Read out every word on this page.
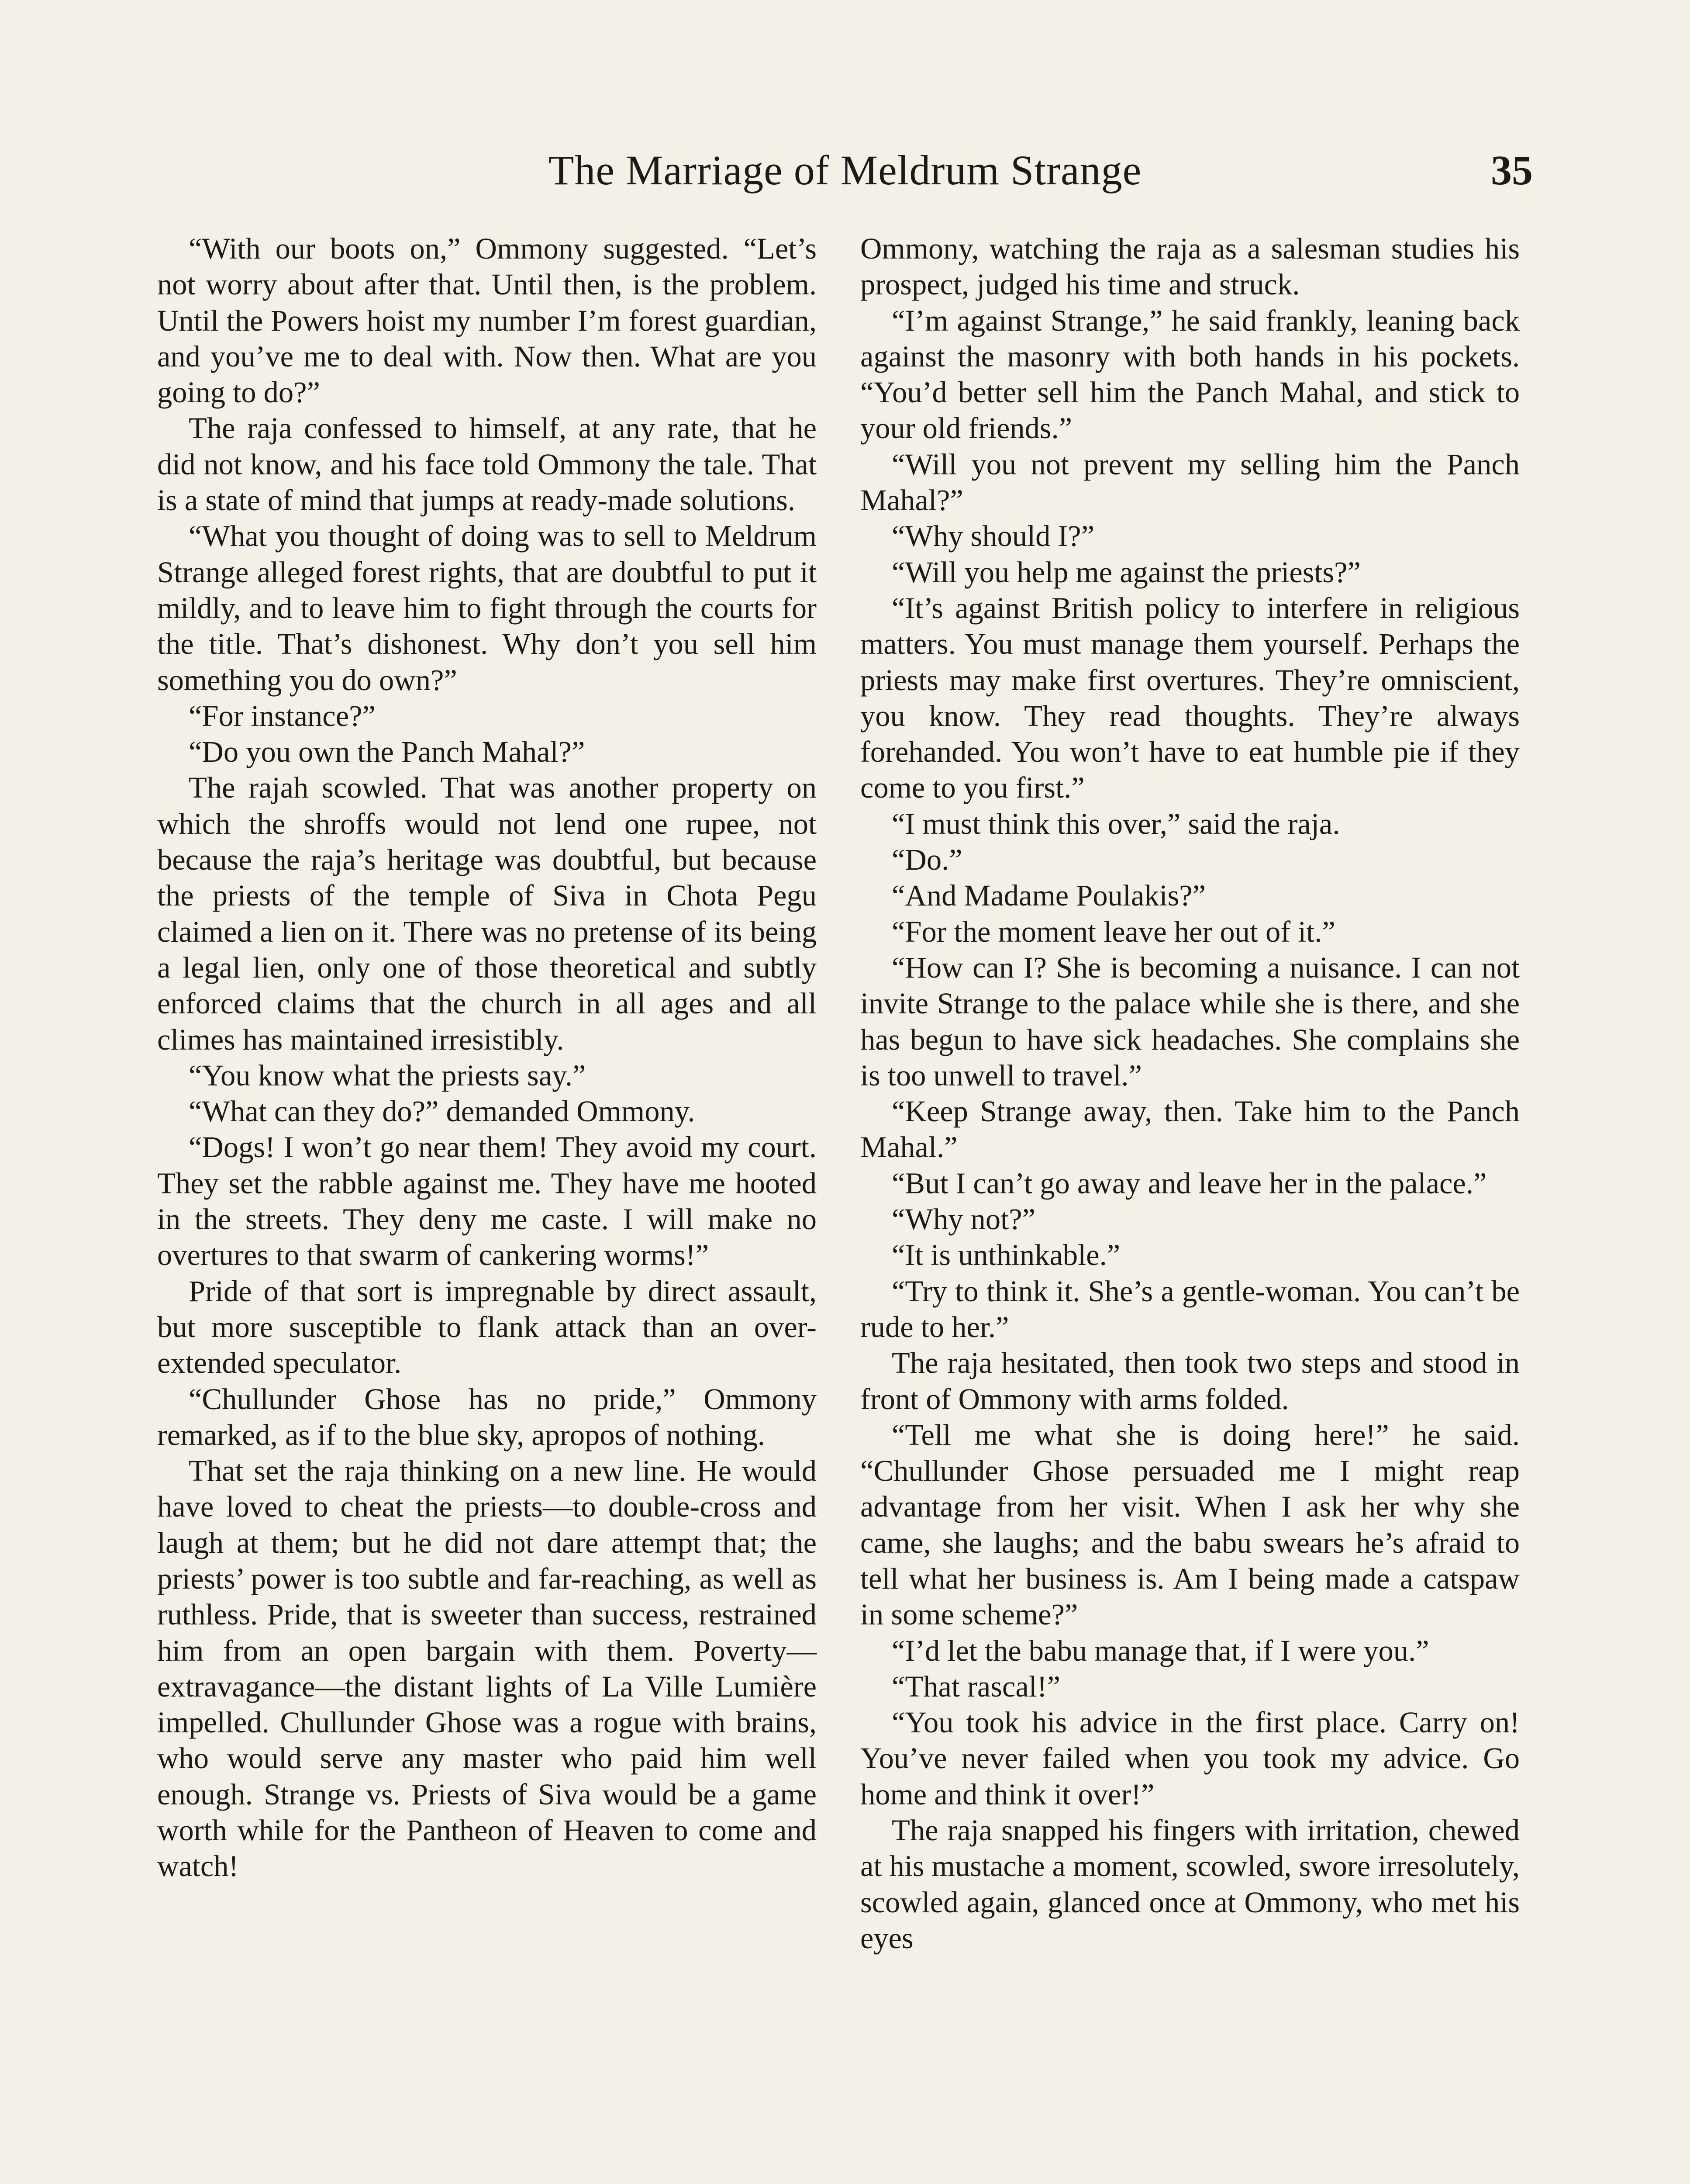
The Marriage of Meldrum Strange	35

“With our boots on,” Ommony suggested. “Let’s not worry about after that. Until then, is the problem. Until the Powers hoist my number I’m forest guardian, and you’ve me to deal with. Now then. What are you going to do?”

The raja confessed to himself, at any rate, that he did not know, and his face told Ommony the tale. That is a state of mind that jumps at ready-made solutions.

“What you thought of doing was to sell to Meldrum Strange alleged forest rights, that are doubtful to put it mildly, and to leave him to fight through the courts for the title. That’s dishonest. Why don’t you sell him something you do own?”

“For instance?”

“Do you own the Panch Mahal?”

The rajah scowled. That was another property on which the shroffs would not lend one rupee, not because the raja’s heritage was doubtful, but because the priests of the temple of Siva in Chota Pegu claimed a lien on it. There was no pretense of its being a legal lien, only one of those theoretical and subtly enforced claims that the church in all ages and all climes has maintained irresistibly.

“You know what the priests say.”

“What can they do?” demanded Ommony.

“Dogs! I won’t go near them! They avoid my court. They set the rabble against me. They have me hooted in the streets. They deny me caste. I will make no overtures to that swarm of cankering worms!”

Pride of that sort is impregnable by direct assault, but more susceptible to flank attack than an over-extended speculator.

“Chullunder Ghose has no pride,” Ommony remarked, as if to the blue sky, apropos of nothing.

That set the raja thinking on a new line. He would have loved to cheat the priests—to double-cross and laugh at them; but he did not dare attempt that; the priests’ power is too subtle and far-reaching, as well as ruthless. Pride, that is sweeter than success, restrained him from an open bargain with them. Poverty—extravagance—the distant lights of La Ville Lumière impelled. Chullunder Ghose was a rogue with brains, who would serve any master who paid him well enough. Strange vs. Priests of Siva would be a game worth while for the Pantheon of Heaven to come and watch!

Ommony, watching the raja as a salesman studies his prospect, judged his time and struck.

“I’m against Strange,” he said frankly, leaning back against the masonry with both hands in his pockets. “You’d better sell him the Panch Mahal, and stick to your old friends.”

“Will you not prevent my selling him the Panch Mahal?”

“Why should I?”

“Will you help me against the priests?”

“It’s against British policy to interfere in religious matters. You must manage them yourself. Perhaps the priests may make first overtures. They’re omniscient, you know. They read thoughts. They’re always forehanded. You won’t have to eat humble pie if they come to you first.”

“I must think this over,” said the raja.

“Do.”

“And Madame Poulakis?”

“For the moment leave her out of it.”

“How can I? She is becoming a nuisance. I can not invite Strange to the palace while she is there, and she has begun to have sick headaches. She complains she is too unwell to travel.”

“Keep Strange away, then. Take him to the Panch Mahal.”

“But I can’t go away and leave her in the palace.”

“Why not?”

“It is unthinkable.”

“Try to think it. She’s a gentle-woman. You can’t be rude to her.”

The raja hesitated, then took two steps and stood in front of Ommony with arms folded.

“Tell me what she is doing here!” he said. “Chullunder Ghose persuaded me I might reap advantage from her visit. When I ask her why she came, she laughs; and the babu swears he’s afraid to tell what her business is. Am I being made a catspaw in some scheme?”

“I’d let the babu manage that, if I were you.”

“That rascal!”

“You took his advice in the first place. Carry on! You’ve never failed when you took my advice. Go home and think it over!”

The raja snapped his fingers with irritation, chewed at his mustache a moment, scowled, swore irresolutely, scowled again, glanced once at Ommony, who met his eyes
